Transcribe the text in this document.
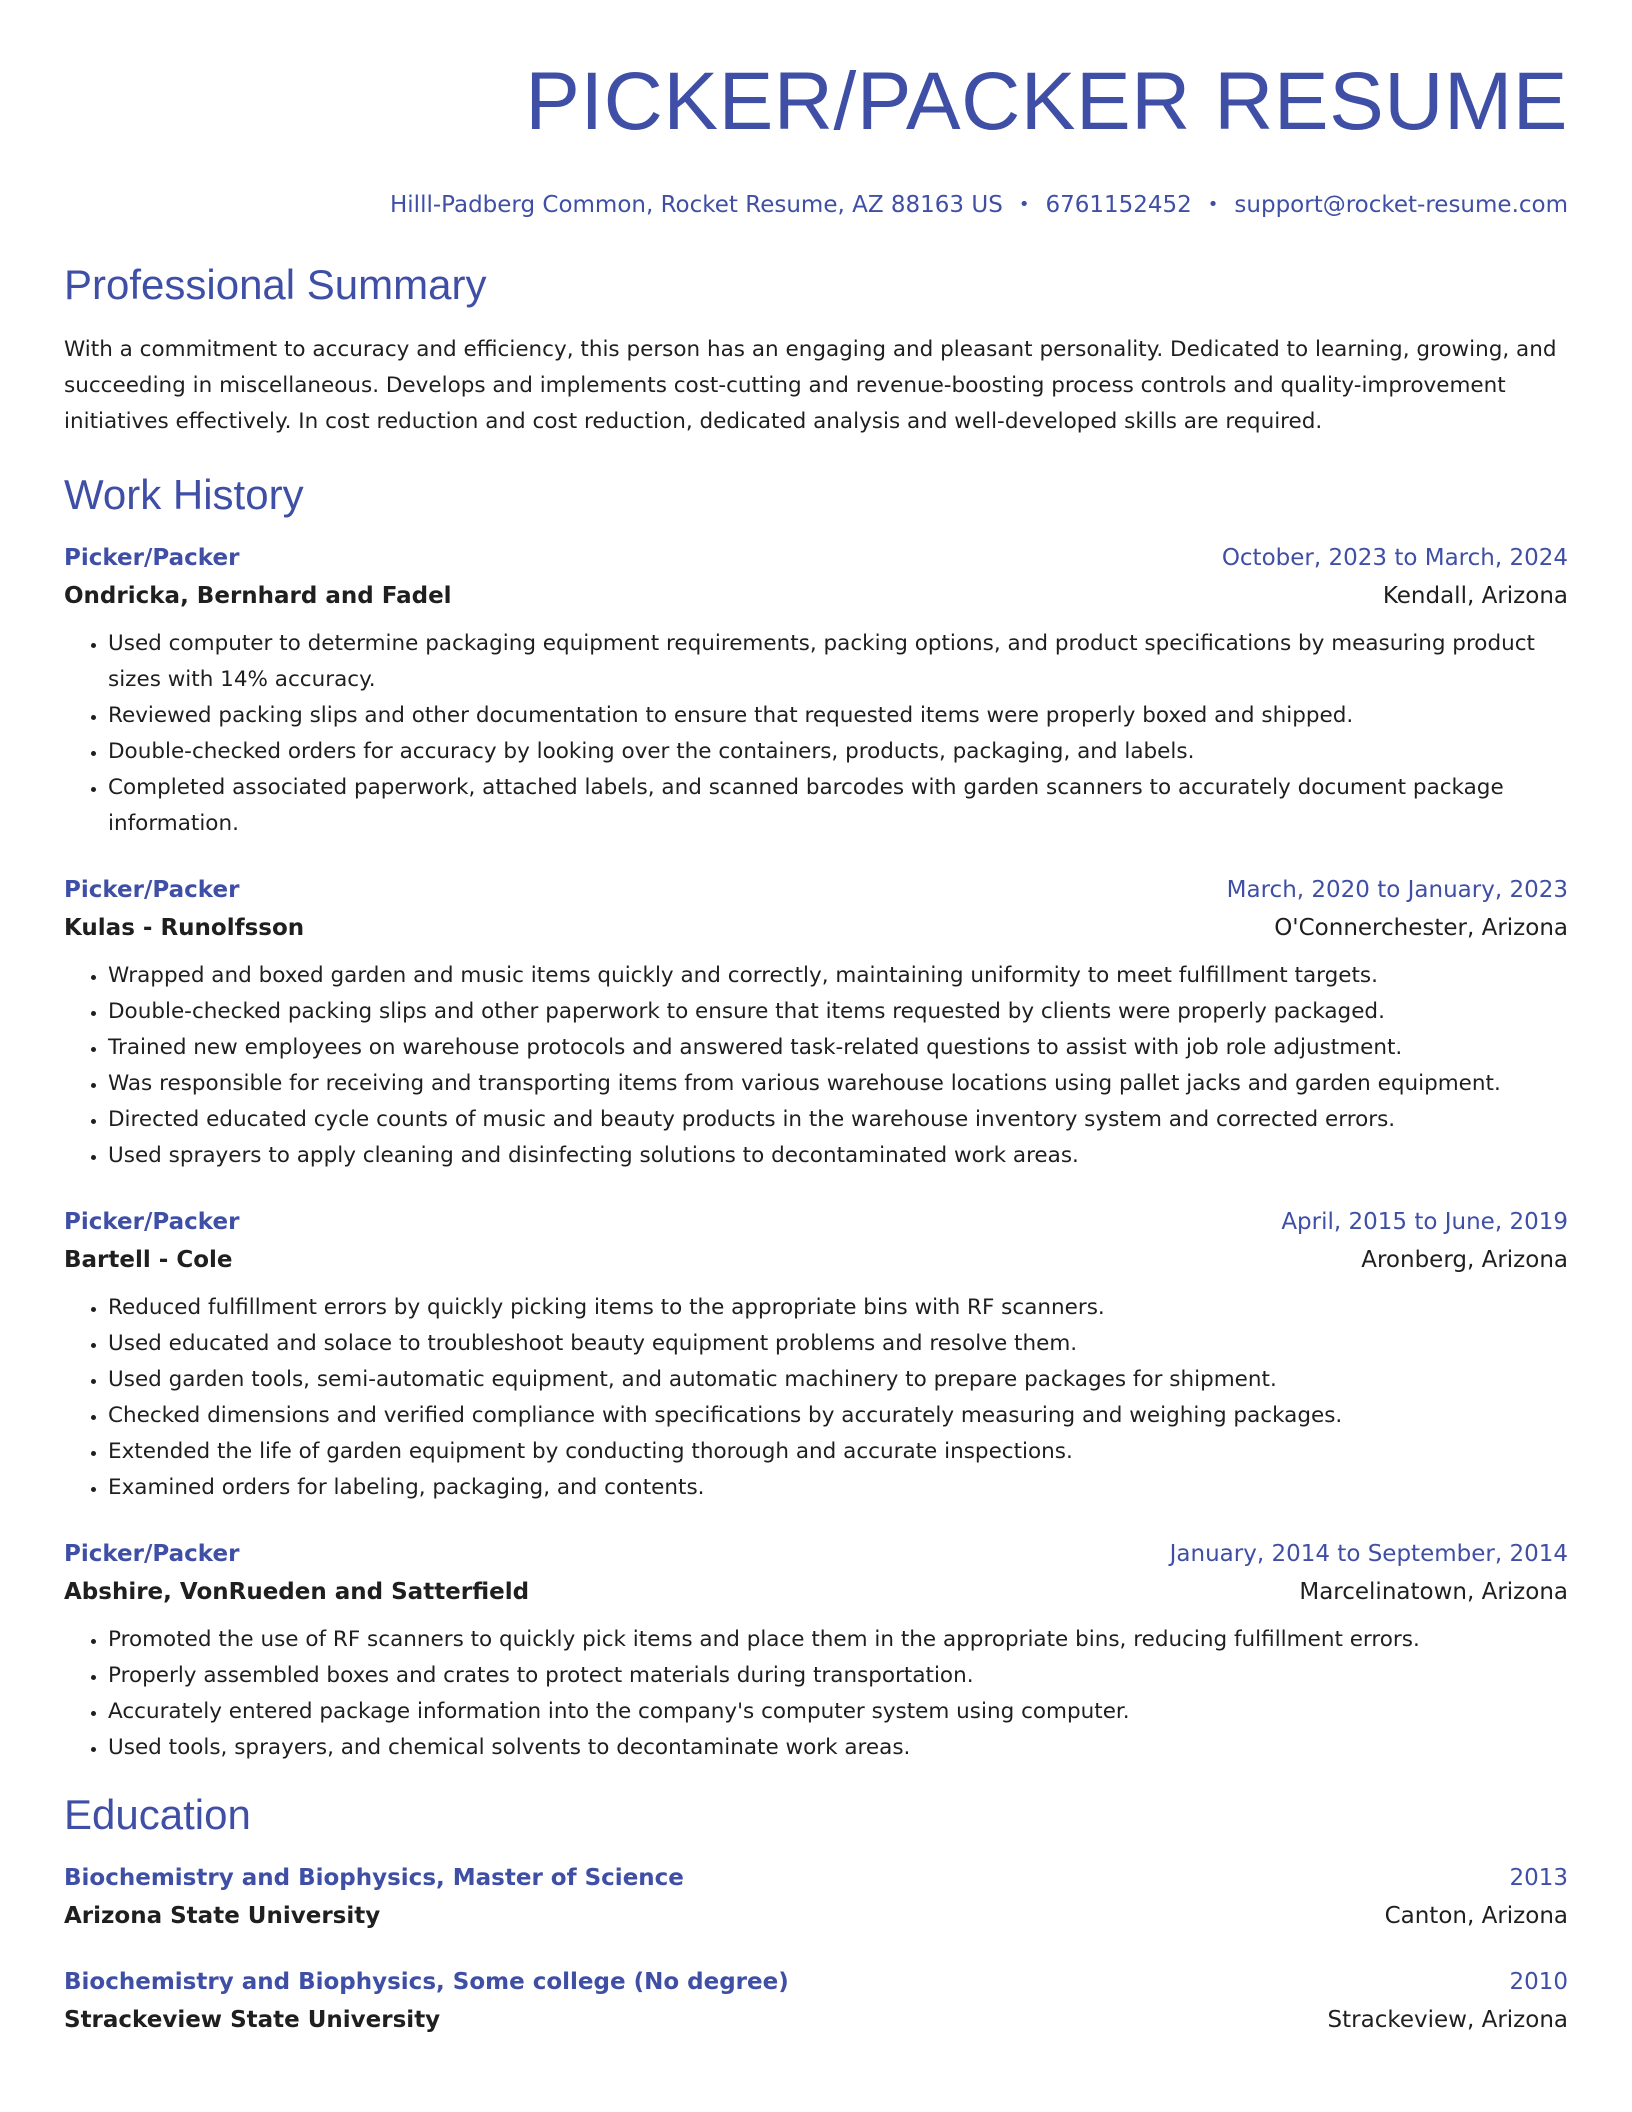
PICKER/PACKER RESUME
Hilll-Padberg Common, Rocket Resume, AZ 88163 US • 6761152452 • support@rocket-resume.com
Professional Summary
With a commitment to accuracy and efficiency, this person has an engaging and pleasant personality. Dedicated to learning, growing, and succeeding in miscellaneous. Develops and implements cost-cutting and revenue-boosting process controls and quality-improvement initiatives effectively. In cost reduction and cost reduction, dedicated analysis and well-developed skills are required.
Work History
Picker/Packer	October, 2023 to March, 2024
Ondricka, Bernhard and Fadel	Kendall, Arizona
• Used computer to determine packaging equipment requirements, packing options, and product specifications by measuring product sizes with 14% accuracy.
• Reviewed packing slips and other documentation to ensure that requested items were properly boxed and shipped.
• Double-checked orders for accuracy by looking over the containers, products, packaging, and labels.
• Completed associated paperwork, attached labels, and scanned barcodes with garden scanners to accurately document package information.
Picker/Packer	March, 2020 to January, 2023
Kulas - Runolfsson	O'Connerchester, Arizona
• Wrapped and boxed garden and music items quickly and correctly, maintaining uniformity to meet fulfillment targets.
• Double-checked packing slips and other paperwork to ensure that items requested by clients were properly packaged.
• Trained new employees on warehouse protocols and answered task-related questions to assist with job role adjustment.
• Was responsible for receiving and transporting items from various warehouse locations using pallet jacks and garden equipment.
• Directed educated cycle counts of music and beauty products in the warehouse inventory system and corrected errors.
• Used sprayers to apply cleaning and disinfecting solutions to decontaminated work areas.
Picker/Packer	April, 2015 to June, 2019
Bartell - Cole	Aronberg, Arizona
• Reduced fulfillment errors by quickly picking items to the appropriate bins with RF scanners.
• Used educated and solace to troubleshoot beauty equipment problems and resolve them.
• Used garden tools, semi-automatic equipment, and automatic machinery to prepare packages for shipment.
• Checked dimensions and verified compliance with specifications by accurately measuring and weighing packages.
• Extended the life of garden equipment by conducting thorough and accurate inspections.
• Examined orders for labeling, packaging, and contents.
Picker/Packer	January, 2014 to September, 2014
Abshire, VonRueden and Satterfield	Marcelinatown, Arizona
• Promoted the use of RF scanners to quickly pick items and place them in the appropriate bins, reducing fulfillment errors.
• Properly assembled boxes and crates to protect materials during transportation.
• Accurately entered package information into the company's computer system using computer.
• Used tools, sprayers, and chemical solvents to decontaminate work areas.
Education
Biochemistry and Biophysics, Master of Science	2013
Arizona State University	Canton, Arizona
Biochemistry and Biophysics, Some college (No degree)	2010
Strackeview State University	Strackeview, Arizona
